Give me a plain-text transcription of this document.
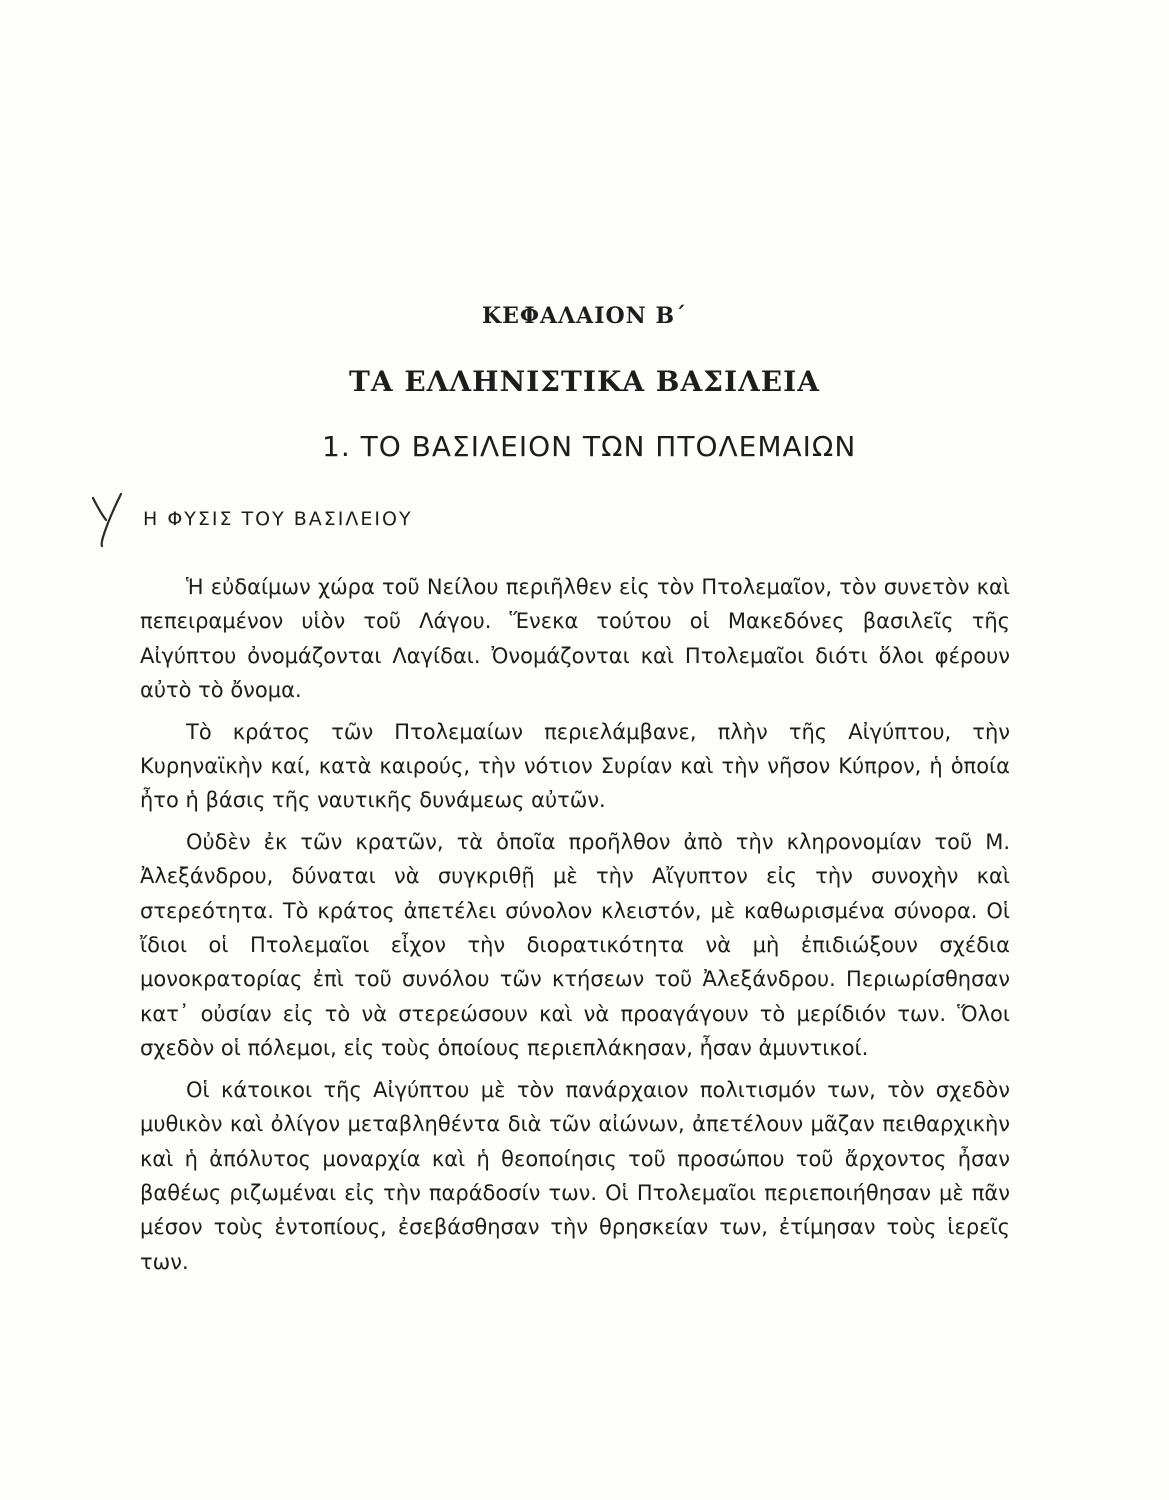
ΚΕΦΑΛΑΙΟΝ Β΄
ΤΑ ΕΛΛΗΝΙΣΤΙΚΑ ΒΑΣΙΛΕΙΑ
1. ΤΟ ΒΑΣΙΛΕΙΟΝ ΤΩΝ ΠΤΟΛΕΜΑΙΩΝ
Η ΦΥΣΙΣ ΤΟΥ ΒΑΣΙΛΕΙΟΥ

Ἡ εὐδαίμων χώρα τοῦ Νείλου περιῆλθεν εἰς τὸν Πτολεμαῖον, τὸν συνετὸν καὶ πεπειραμένον υἱὸν τοῦ Λάγου. Ἕνεκα τούτου οἱ Μακεδόνες βασιλεῖς τῆς Αἰγύπτου ὀνομάζονται Λαγίδαι. Ὀνομάζονται καὶ Πτολεμαῖοι διότι ὅλοι φέρουν αὐτὸ τὸ ὄνομα.

Τὸ κράτος τῶν Πτολεμαίων περιελάμβανε, πλὴν τῆς Αἰγύπτου, τὴν Κυρηναϊκὴν καί, κατὰ καιρούς, τὴν νότιον Συρίαν καὶ τὴν νῆσον Κύπρον, ἡ ὁποία ἦτο ἡ βάσις τῆς ναυτικῆς δυνάμεως αὐτῶν.

Οὐδὲν ἐκ τῶν κρατῶν, τὰ ὁποῖα προῆλθον ἀπὸ τὴν κληρονομίαν τοῦ Μ. Ἀλεξάνδρου, δύναται νὰ συγκριθῇ μὲ τὴν Αἴγυπτον εἰς τὴν συνοχὴν καὶ στερεότητα. Τὸ κράτος ἀπετέλει σύνολον κλειστόν, μὲ καθωρισμένα σύνορα. Οἱ ἴδιοι οἱ Πτολεμαῖοι εἶχον τὴν διορατικότητα νὰ μὴ ἐπιδιώξουν σχέδια μονοκρατορίας ἐπὶ τοῦ συνόλου τῶν κτήσεων τοῦ Ἀλεξάνδρου. Περιωρίσθησαν κατ᾽ οὐσίαν εἰς τὸ νὰ στερεώσουν καὶ νὰ προαγάγουν τὸ μερίδιόν των. Ὅλοι σχεδὸν οἱ πόλεμοι, εἰς τοὺς ὁποίους περιεπλάκησαν, ἦσαν ἀμυντικοί.

Οἱ κάτοικοι τῆς Αἰγύπτου μὲ τὸν πανάρχαιον πολιτισμόν των, τὸν σχεδὸν μυθικὸν καὶ ὀλίγον μεταβληθέντα διὰ τῶν αἰώνων, ἀπετέλουν μᾶζαν πειθαρχικὴν καὶ ἡ ἀπόλυτος μοναρχία καὶ ἡ θεοποίησις τοῦ προσώπου τοῦ ἄρχοντος ἦσαν βαθέως ριζωμέναι εἰς τὴν παράδοσίν των. Οἱ Πτολεμαῖοι περιεποιήθησαν μὲ πᾶν μέσον τοὺς ἐντοπίους, ἐσεβάσθησαν τὴν θρησκείαν των, ἐτίμησαν τοὺς ἱερεῖς των.
